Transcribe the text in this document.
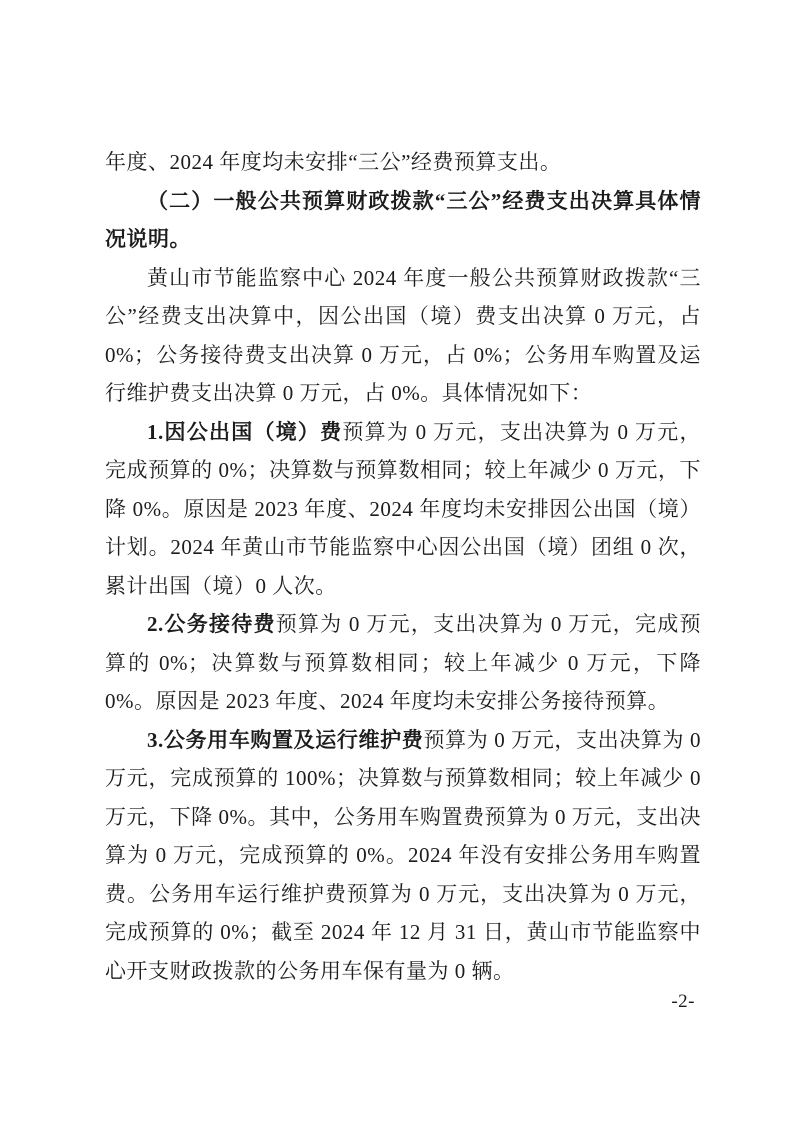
年度、2024 年度均未安排“三公”经费预算支出。

（二）一般公共预算财政拨款“三公”经费支出决算具体情况说明。

黄山市节能监察中心 2024 年度一般公共预算财政拨款“三公”经费支出决算中，因公出国（境）费支出决算 0 万元，占 0%；公务接待费支出决算 0 万元，占 0%；公务用车购置及运行维护费支出决算 0 万元，占 0%。具体情况如下：

1.因公出国（境）费预算为 0 万元，支出决算为 0 万元，完成预算的 0%；决算数与预算数相同；较上年减少 0 万元，下降 0%。原因是 2023 年度、2024 年度均未安排因公出国（境）计划。2024 年黄山市节能监察中心因公出国（境）团组 0 次，累计出国（境）0 人次。

2.公务接待费预算为 0 万元，支出决算为 0 万元，完成预算的 0%；决算数与预算数相同；较上年减少 0 万元，下降 0%。原因是 2023 年度、2024 年度均未安排公务接待预算。

3.公务用车购置及运行维护费预算为 0 万元，支出决算为 0 万元，完成预算的 100%；决算数与预算数相同；较上年减少 0 万元，下降 0%。其中，公务用车购置费预算为 0 万元，支出决算为 0 万元，完成预算的 0%。2024 年没有安排公务用车购置费。公务用车运行维护费预算为 0 万元，支出决算为 0 万元，完成预算的 0%；截至 2024 年 12 月 31 日，黄山市节能监察中心开支财政拨款的公务用车保有量为 0 辆。

-2-
